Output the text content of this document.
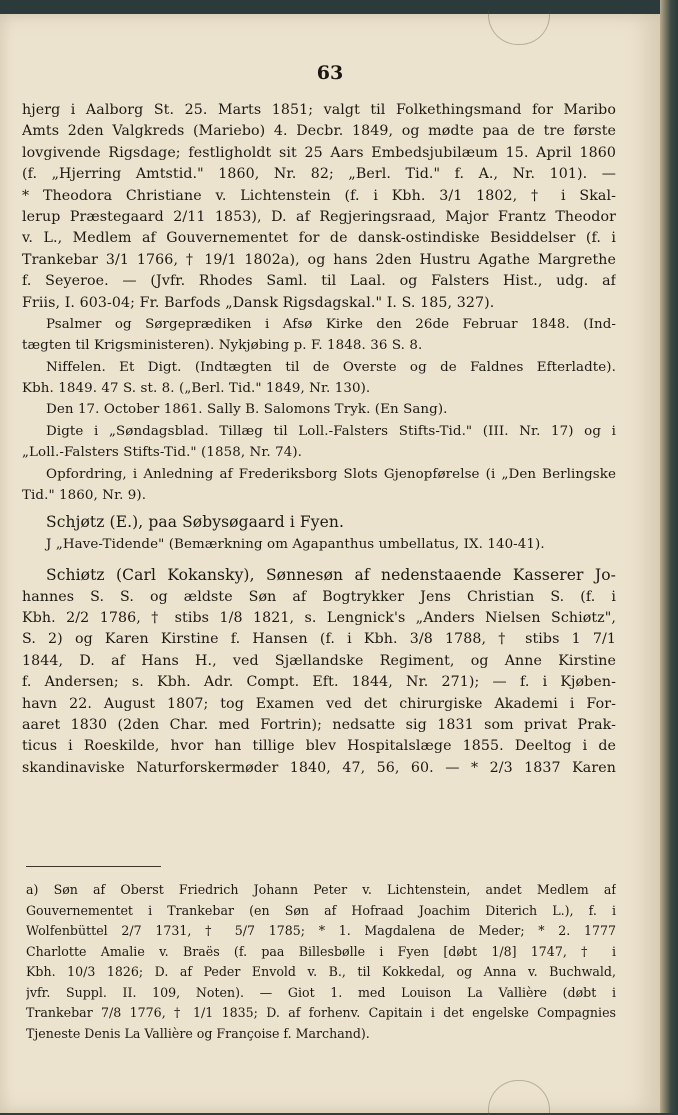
63
hjerg i Aalborg St. 25. Marts 1851; valgt til Folkethingsmand for Maribo
Amts 2den Valgkreds (Mariebo) 4. Decbr. 1849, og mødte paa de tre første
lovgivende Rigsdage; festligholdt sit 25 Aars Embedsjubilæum 15. April 1860
(f. „Hjerring Amtstid." 1860, Nr. 82; „Berl. Tid." f. A., Nr. 101). —
* Theodora Christiane v. Lichtenstein (f. i Kbh. 3/1 1802, † i Skal-
lerup Præstegaard 2/11 1853), D. af Regjeringsraad, Major Frantz Theodor
v. L., Medlem af Gouvernementet for de dansk-ostindiske Besiddelser (f. i
Trankebar 3/1 1766, † 19/1 1802a), og hans 2den Hustru Agathe Margrethe
f. Seyeroe. — (Jvfr. Rhodes Saml. til Laal. og Falsters Hist., udg. af
Friis, I. 603-04; Fr. Barfods „Dansk Rigsdagskal." I. S. 185, 327).
Psalmer og Sørgeprædiken i Afsø Kirke den 26de Februar 1848. (Ind-
tægten til Krigsministeren). Nykjøbing p. F. 1848. 36 S. 8.
Niffelen. Et Digt. (Indtægten til de Overste og de Faldnes Efterladte).
Kbh. 1849. 47 S. st. 8. („Berl. Tid." 1849, Nr. 130).
Den 17. October 1861. Sally B. Salomons Tryk. (En Sang).
Digte i „Søndagsblad. Tillæg til Loll.-Falsters Stifts-Tid." (III. Nr. 17) og i
„Loll.-Falsters Stifts-Tid." (1858, Nr. 74).
Opfordring, i Anledning af Frederiksborg Slots Gjenopførelse (i „Den Berlingske
Tid." 1860, Nr. 9).
Schjøtz (E.), paa Søbysøgaard i Fyen.
J „Have-Tidende" (Bemærkning om Agapanthus umbellatus, IX. 140-41).
Schiøtz (Carl Kokansky), Sønnesøn af nedenstaaende Kasserer Jo-
hannes S. S. og ældste Søn af Bogtrykker Jens Christian S. (f. i
Kbh. 2/2 1786, † stibs 1/8 1821, s. Lengnick's „Anders Nielsen Schiøtz",
S. 2) og Karen Kirstine f. Hansen (f. i Kbh. 3/8 1788, † stibs 1 7/1
1844, D. af Hans H., ved Sjællandske Regiment, og Anne Kirstine
f. Andersen; s. Kbh. Adr. Compt. Eft. 1844, Nr. 271); — f. i Kjøben-
havn 22. August 1807; tog Examen ved det chirurgiske Akademi i For-
aaret 1830 (2den Char. med Fortrin); nedsatte sig 1831 som privat Prak-
ticus i Roeskilde, hvor han tillige blev Hospitalslæge 1855. Deeltog i de
skandinaviske Naturforskermøder 1840, 47, 56, 60. — * 2/3 1837 Karen
a) Søn af Oberst Friedrich Johann Peter v. Lichtenstein, andet Medlem af
Gouvernementet i Trankebar (en Søn af Hofraad Joachim Diterich L.), f. i
Wolfenbüttel 2/7 1731, † 5/7 1785; * 1. Magdalena de Meder; * 2. 1777
Charlotte Amalie v. Braës (f. paa Billesbølle i Fyen [døbt 1/8] 1747, † i
Kbh. 10/3 1826; D. af Peder Envold v. B., til Kokkedal, og Anna v. Buchwald,
jvfr. Suppl. II. 109, Noten). — Giot 1. med Louison La Vallière (døbt i
Trankebar 7/8 1776, † 1/1 1835; D. af forhenv. Capitain i det engelske Compagnies
Tjeneste Denis La Vallière og Françoise f. Marchand).
